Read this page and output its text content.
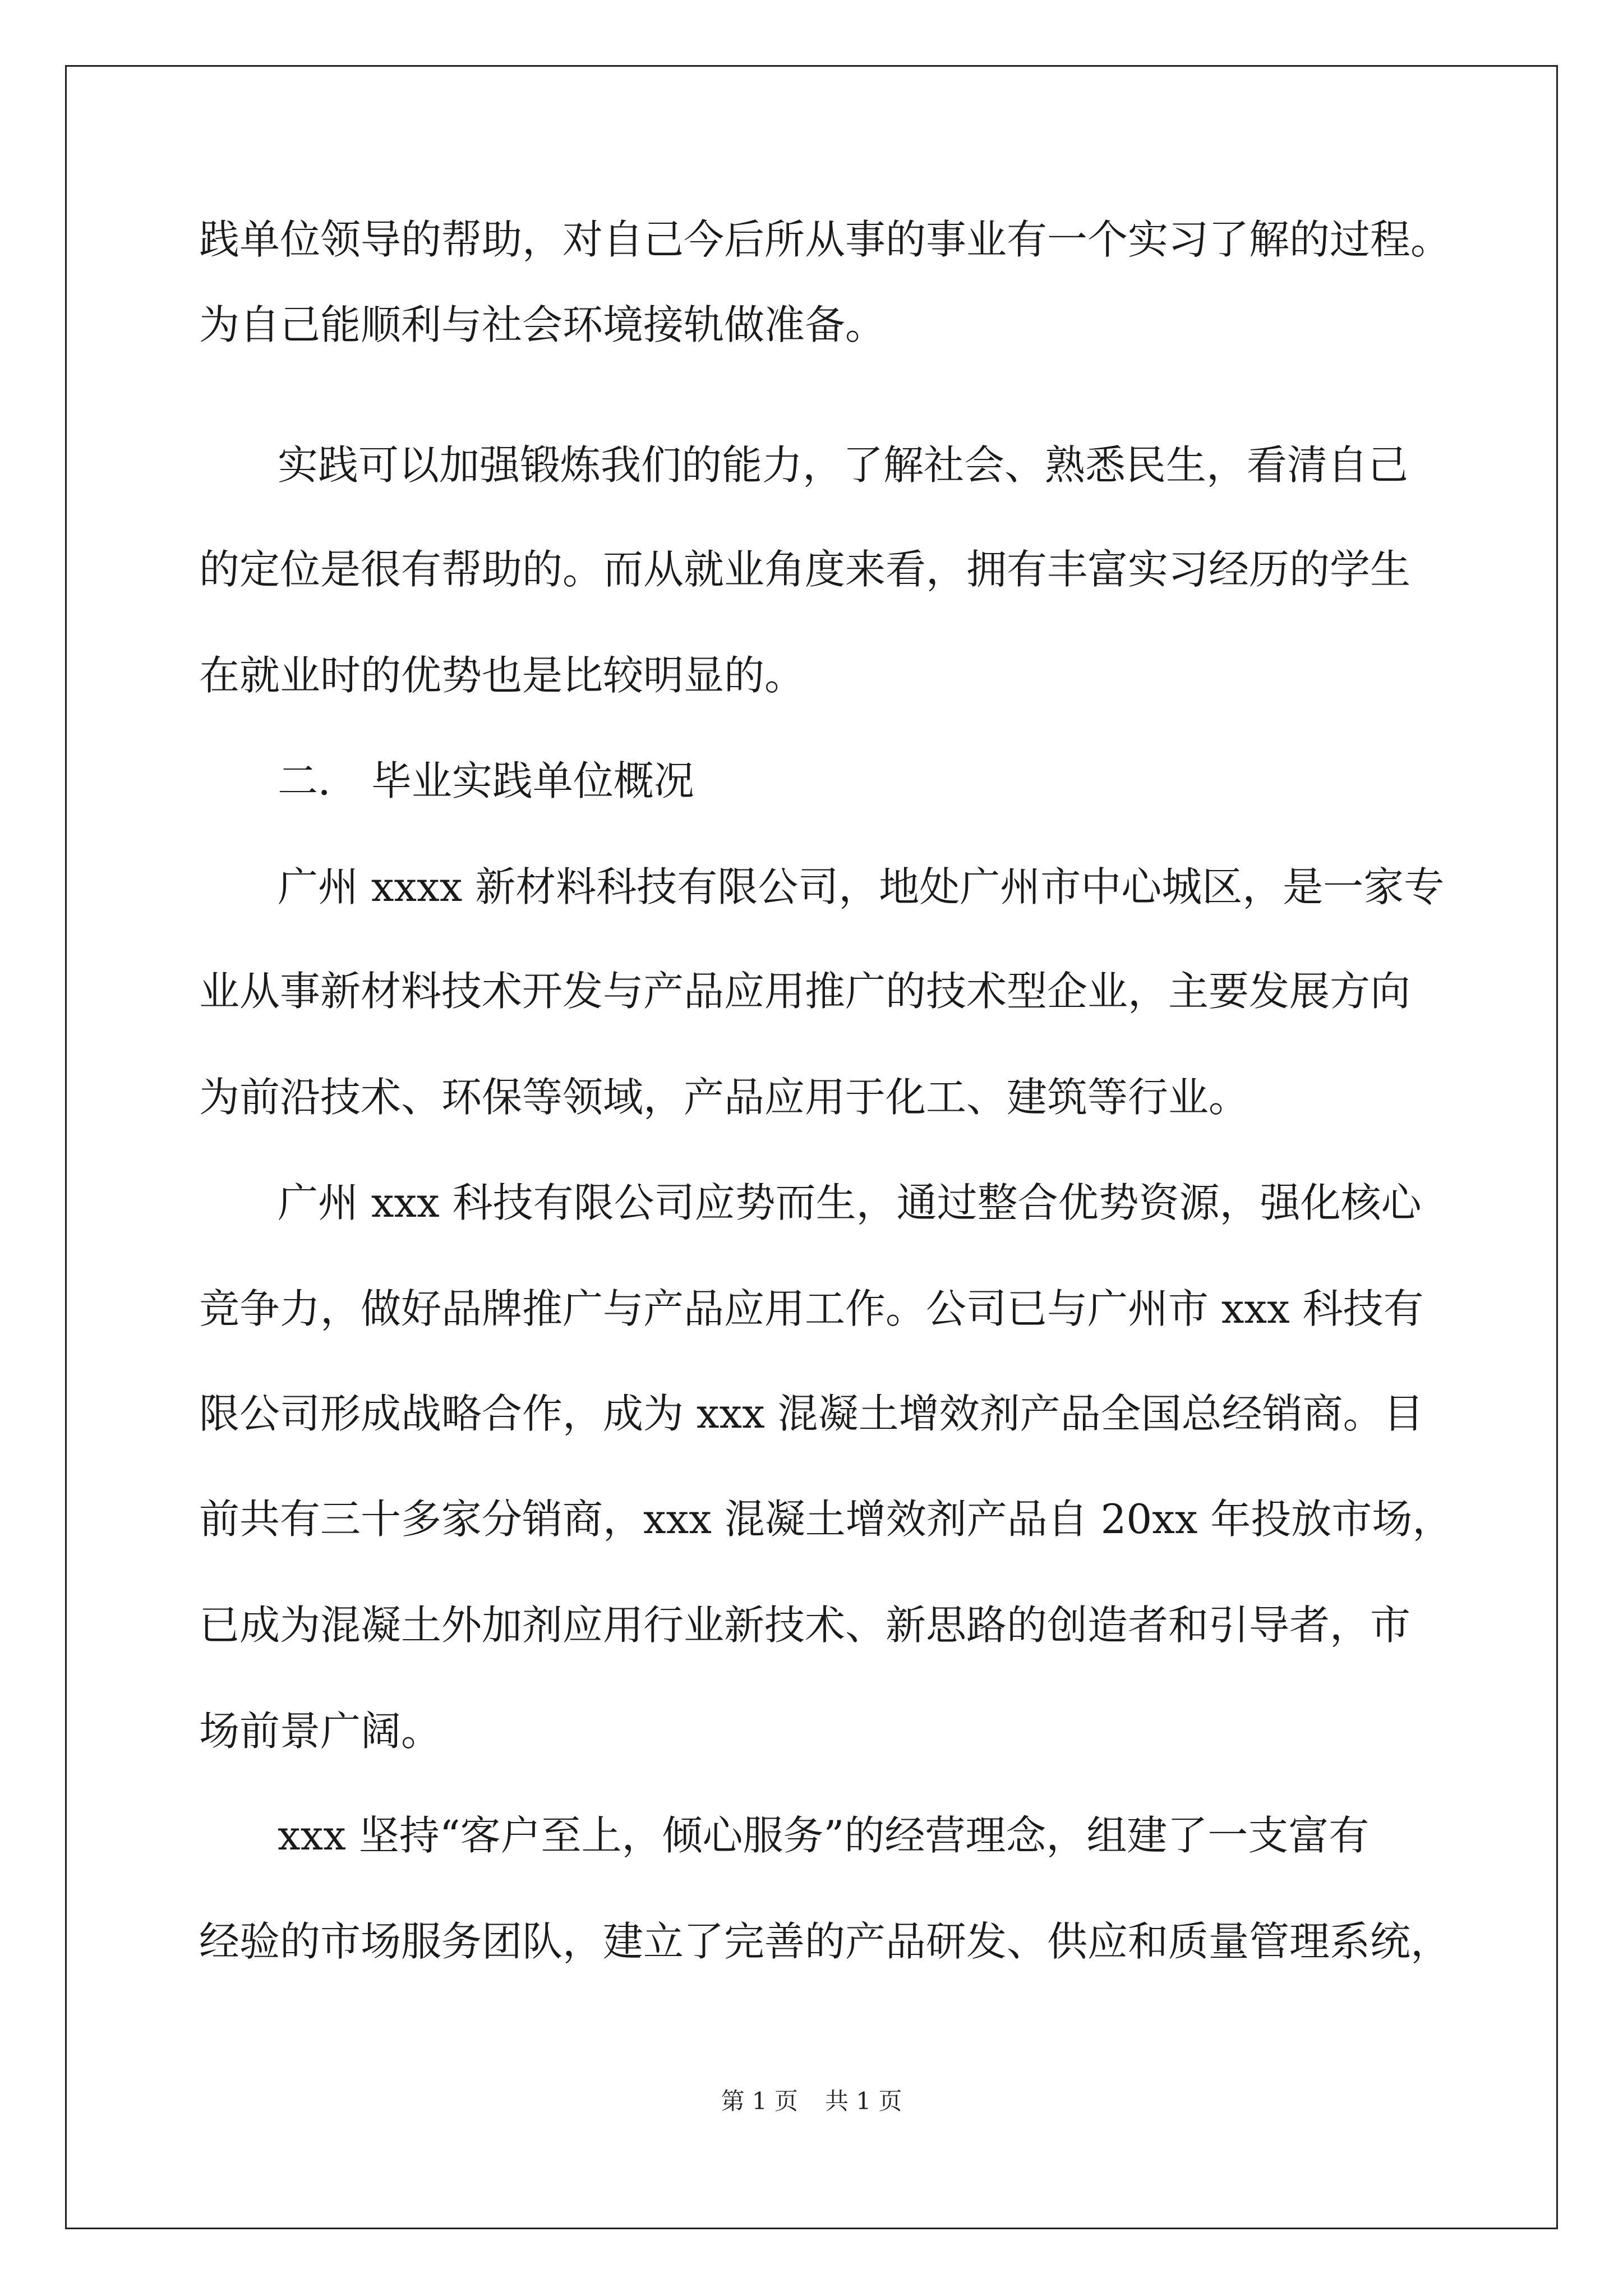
践单位领导的帮助，对自己今后所从事的事业有一个实习了解的过程。
为自己能顺利与社会环境接轨做准备。
实践可以加强锻炼我们的能力，了解社会、熟悉民生，看清自己
的定位是很有帮助的。而从就业角度来看，拥有丰富实习经历的学生
在就业时的优势也是比较明显的。
二． 毕业实践单位概况
广州 xxxx 新材料科技有限公司，地处广州市中心城区，是一家专
业从事新材料技术开发与产品应用推广的技术型企业，主要发展方向
为前沿技术、环保等领域，产品应用于化工、建筑等行业。
广州 xxx 科技有限公司应势而生，通过整合优势资源，强化核心
竞争力，做好品牌推广与产品应用工作。公司已与广州市 xxx 科技有
限公司形成战略合作，成为 xxx 混凝土增效剂产品全国总经销商。目
前共有三十多家分销商，xxx 混凝土增效剂产品自 20xx 年投放市场，
已成为混凝土外加剂应用行业新技术、新思路的创造者和引导者，市
场前景广阔。
xxx 坚持“客户至上，倾心服务”的经营理念，组建了一支富有
经验的市场服务团队，建立了完善的产品研发、供应和质量管理系统，
第 1 页 共 1 页
